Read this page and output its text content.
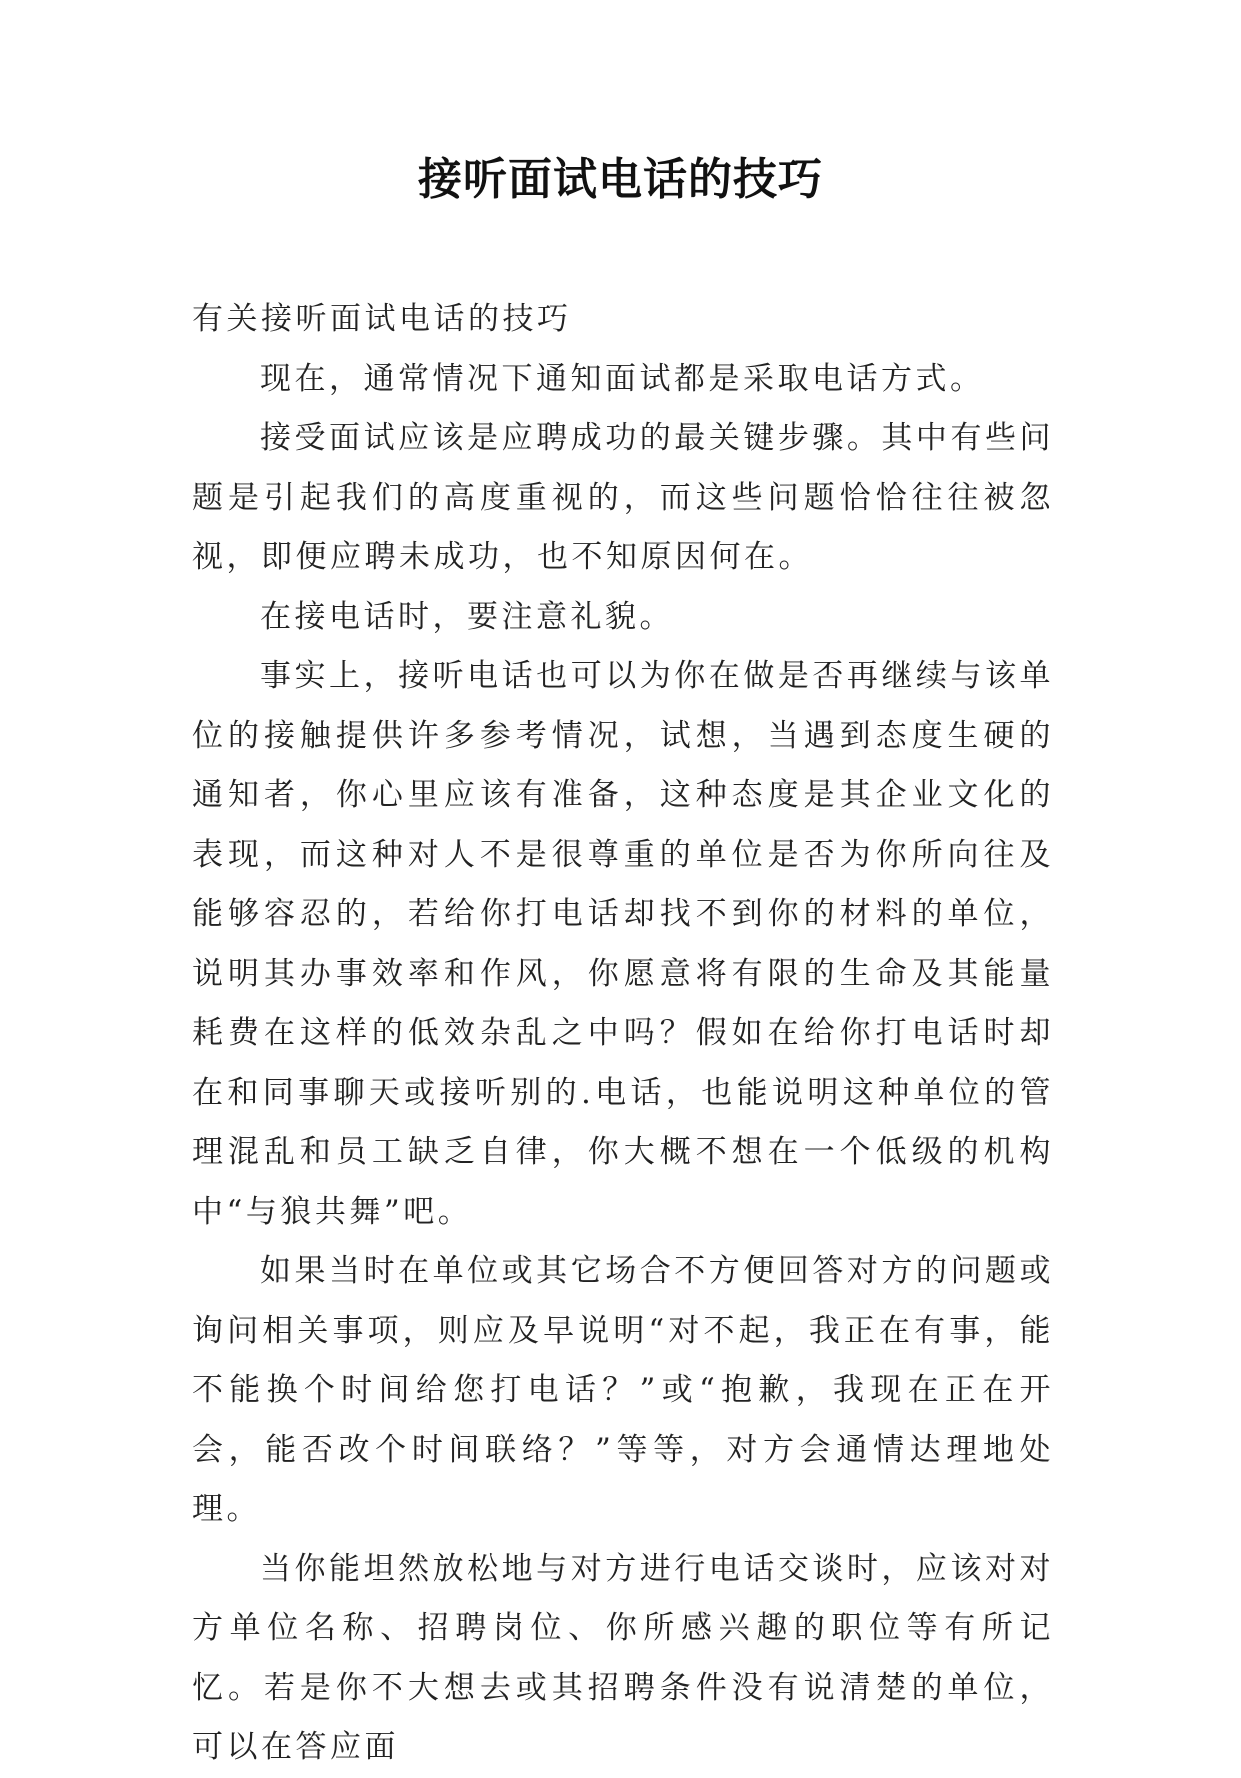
接听面试电话的技巧

有关接听面试电话的技巧

现在，通常情况下通知面试都是采取电话方式。

接受面试应该是应聘成功的最关键步骤。其中有些问题是引起我们的高度重视的，而这些问题恰恰往往被忽视，即便应聘未成功，也不知原因何在。

在接电话时，要注意礼貌。

事实上，接听电话也可以为你在做是否再继续与该单位的接触提供许多参考情况，试想，当遇到态度生硬的通知者，你心里应该有准备，这种态度是其企业文化的表现，而这种对人不是很尊重的单位是否为你所向往及能够容忍的，若给你打电话却找不到你的材料的单位，说明其办事效率和作风，你愿意将有限的生命及其能量耗费在这样的低效杂乱之中吗？假如在给你打电话时却在和同事聊天或接听别的.电话，也能说明这种单位的管理混乱和员工缺乏自律，你大概不想在一个低级的机构中“与狼共舞”吧。

如果当时在单位或其它场合不方便回答对方的问题或询问相关事项，则应及早说明“对不起，我正在有事，能不能换个时间给您打电话？”或“抱歉，我现在正在开会，能否改个时间联络？”等等，对方会通情达理地处理。

当你能坦然放松地与对方进行电话交谈时，应该对对方单位名称、招聘岗位、你所感兴趣的职位等有所记忆。若是你不大想去或其招聘条件没有说清楚的单位，可以在答应面
